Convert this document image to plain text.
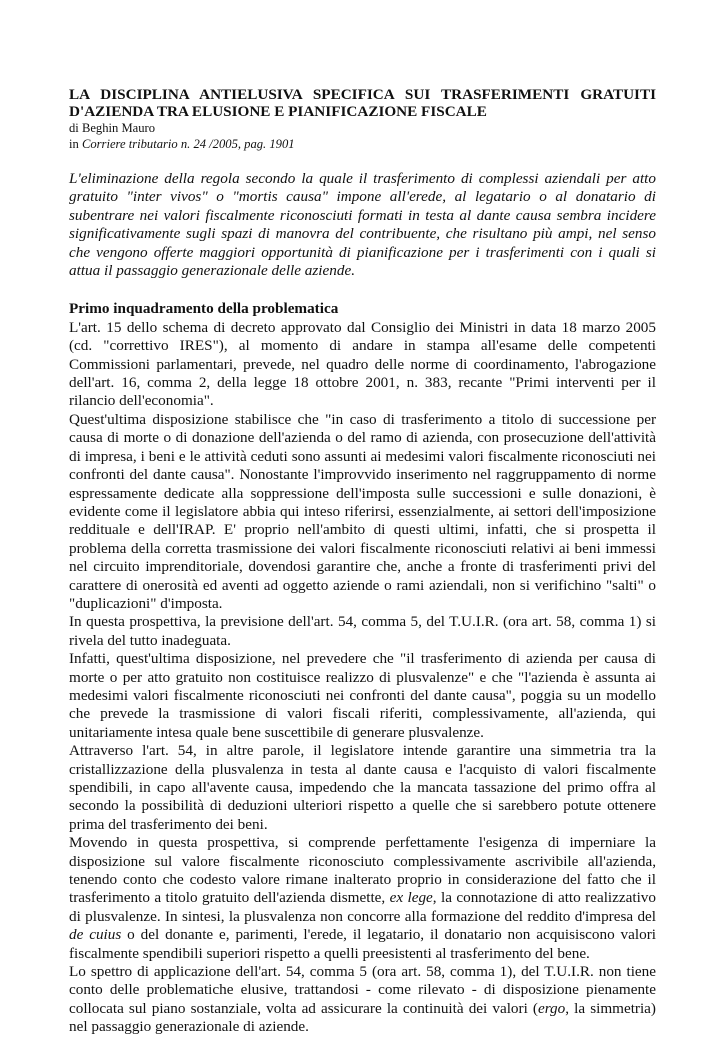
LA DISCIPLINA ANTIELUSIVA SPECIFICA SUI TRASFERIMENTI GRATUITI
D'AZIENDA TRA ELUSIONE E PIANIFICAZIONE FISCALE

di Beghin Mauro

in Corriere tributario n. 24 /2005, pag. 1901

L'eliminazione della regola secondo la quale il trasferimento di complessi aziendali per atto gratuito "inter vivos" o "mortis causa" impone all'erede, al legatario o al donatario di subentrare nei valori fiscalmente riconosciuti formati in testa al dante causa sembra incidere significativamente sugli spazi di manovra del contribuente, che risultano più ampi, nel senso che vengono offerte maggiori opportunità di pianificazione per i trasferimenti con i quali si attua il passaggio generazionale delle aziende.

Primo inquadramento della problematica

L'art. 15 dello schema di decreto approvato dal Consiglio dei Ministri in data 18 marzo 2005 (cd. "correttivo IRES"), al momento di andare in stampa all'esame delle competenti Commissioni parlamentari, prevede, nel quadro delle norme di coordinamento, l'abrogazione dell'art. 16, comma 2, della legge 18 ottobre 2001, n. 383, recante "Primi interventi per il rilancio dell'economia".

Quest'ultima disposizione stabilisce che "in caso di trasferimento a titolo di successione per causa di morte o di donazione dell'azienda o del ramo di azienda, con prosecuzione dell'attività di impresa, i beni e le attività ceduti sono assunti ai medesimi valori fiscalmente riconosciuti nei confronti del dante causa". Nonostante l'improvvido inserimento nel raggruppamento di norme espressamente dedicate alla soppressione dell'imposta sulle successioni e sulle donazioni, è evidente come il legislatore abbia qui inteso riferirsi, essenzialmente, ai settori dell'imposizione reddituale e dell'IRAP. E' proprio nell'ambito di questi ultimi, infatti, che si prospetta il problema della corretta trasmissione dei valori fiscalmente riconosciuti relativi ai beni immessi nel circuito imprenditoriale, dovendosi garantire che, anche a fronte di trasferimenti privi del carattere di onerosità ed aventi ad oggetto aziende o rami aziendali, non si verifichino "salti" o "duplicazioni" d'imposta.

In questa prospettiva, la previsione dell'art. 54, comma 5, del T.U.I.R. (ora art. 58, comma 1) si rivela del tutto inadeguata.

Infatti, quest'ultima disposizione, nel prevedere che "il trasferimento di azienda per causa di morte o per atto gratuito non costituisce realizzo di plusvalenze" e che "l'azienda è assunta ai medesimi valori fiscalmente riconosciuti nei confronti del dante causa", poggia su un modello che prevede la trasmissione di valori fiscali riferiti, complessivamente, all'azienda, qui unitariamente intesa quale bene suscettibile di generare plusvalenze.

Attraverso l'art. 54, in altre parole, il legislatore intende garantire una simmetria tra la cristallizzazione della plusvalenza in testa al dante causa e l'acquisto di valori fiscalmente spendibili, in capo all'avente causa, impedendo che la mancata tassazione del primo offra al secondo la possibilità di deduzioni ulteriori rispetto a quelle che si sarebbero potute ottenere prima del trasferimento dei beni.

Movendo in questa prospettiva, si comprende perfettamente l'esigenza di imperniare la disposizione sul valore fiscalmente riconosciuto complessivamente ascrivibile all'azienda, tenendo conto che codesto valore rimane inalterato proprio in considerazione del fatto che il trasferimento a titolo gratuito dell'azienda dismette, ex lege, la connotazione di atto realizzativo di plusvalenze. In sintesi, la plusvalenza non concorre alla formazione del reddito d'impresa del de cuius o del donante e, parimenti, l'erede, il legatario, il donatario non acquisiscono valori fiscalmente spendibili superiori rispetto a quelli preesistenti al trasferimento del bene.

Lo spettro di applicazione dell'art. 54, comma 5 (ora art. 58, comma 1), del T.U.I.R. non tiene conto delle problematiche elusive, trattandosi - come rilevato - di disposizione pienamente collocata sul piano sostanziale, volta ad assicurare la continuità dei valori (ergo, la simmetria) nel passaggio generazionale di aziende.
